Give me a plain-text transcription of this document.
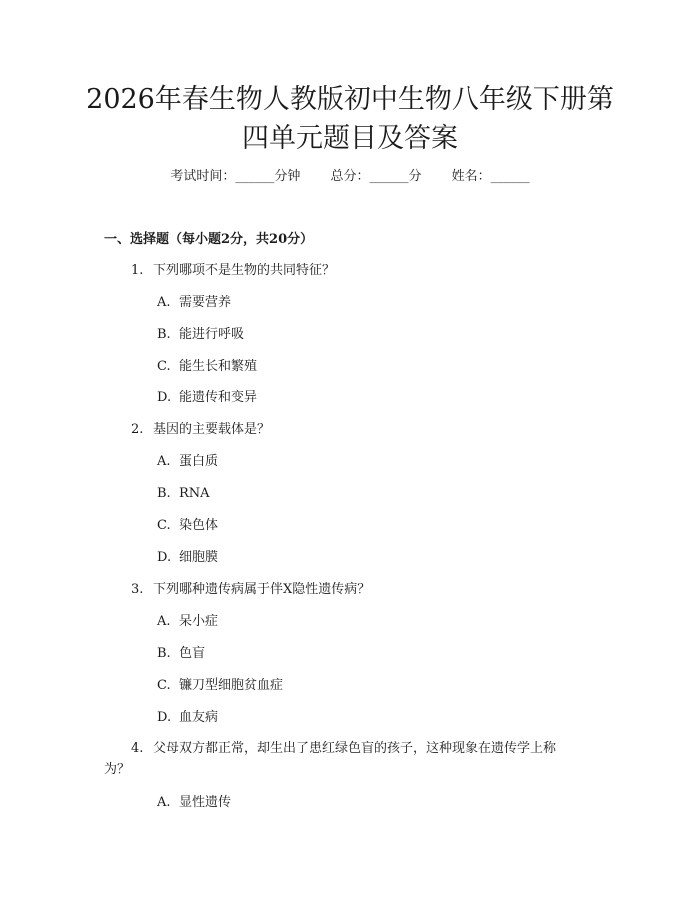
2026年春生物人教版初中生物八年级下册第
四单元题目及答案
考试时间：______分钟 总分：______分 姓名：______
一、选择题（每小题2分，共20分）
1. 下列哪项不是生物的共同特征？
A. 需要营养
B. 能进行呼吸
C. 能生长和繁殖
D. 能遗传和变异
2. 基因的主要载体是？
A. 蛋白质
B. RNA
C. 染色体
D. 细胞膜
3. 下列哪种遗传病属于伴X隐性遗传病？
A. 呆小症
B. 色盲
C. 镰刀型细胞贫血症
D. 血友病
4. 父母双方都正常，却生出了患红绿色盲的孩子，这种现象在遗传学上称
为？
A. 显性遗传
